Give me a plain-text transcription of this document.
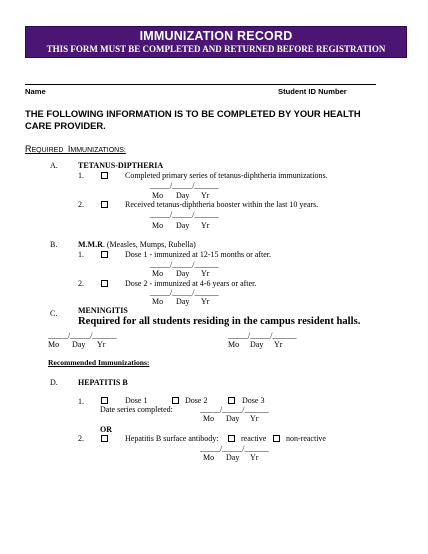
IMMUNIZATION RECORD
THIS FORM MUST BE COMPLETED AND RETURNED BEFORE REGISTRATION
Name	Student ID Number
THE FOLLOWING INFORMATION IS TO BE COMPLETED BY YOUR HEALTH
CARE PROVIDER.
REQUIRED IMMUNIZATIONS:
A.	TETANUS-DIPTHERIA
1.	Completed primary series of tetanus-diphtheria immunizations.
_____/_____/______
Mo Day Yr
2.	Received tetanus-diphtheria booster within the last 10 years.
_____/_____/______
Mo Day Yr
B.	M.M.R. (Measles, Mumps, Rubella)
1.	Dose 1 - immunized at 12-15 months or after.
_____/_____/______
Mo Day Yr
2.	Dose 2 - immunized at 4-6 years or after.
_____/_____/______
Mo Day Yr
C.	MENINGITIS
Required for all students residing in the campus resident halls.
_____/_____/______
Mo Day Yr
_____/_____/______
Mo Day Yr
Recommended Immunizations:
D.	HEPATITIS B
1.	Dose 1	Dose 2	Dose 3
Date series completed:	_____/_____/______
Mo Day Yr
OR
2.	Hepatitis B surface antibody:	reactive non-reactive
_____/_____/______
Mo Day Yr
